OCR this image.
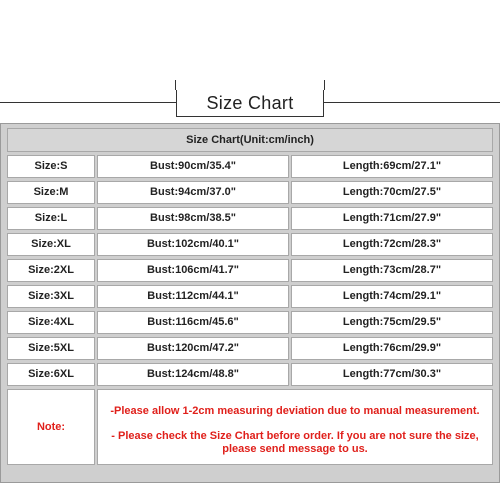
Size Chart
Size Chart(Unit:cm/inch)
Size:S	Bust:90cm/35.4"	Length:69cm/27.1"
Size:M	Bust:94cm/37.0"	Length:70cm/27.5"
Size:L	Bust:98cm/38.5"	Length:71cm/27.9"
Size:XL	Bust:102cm/40.1"	Length:72cm/28.3"
Size:2XL	Bust:106cm/41.7"	Length:73cm/28.7"
Size:3XL	Bust:112cm/44.1"	Length:74cm/29.1"
Size:4XL	Bust:116cm/45.6"	Length:75cm/29.5"
Size:5XL	Bust:120cm/47.2"	Length:76cm/29.9"
Size:6XL	Bust:124cm/48.8"	Length:77cm/30.3"
Note:
-Please allow 1-2cm measuring deviation due to manual measurement.
- Please check the Size Chart before order. If you are not sure the size, please send message to us.
